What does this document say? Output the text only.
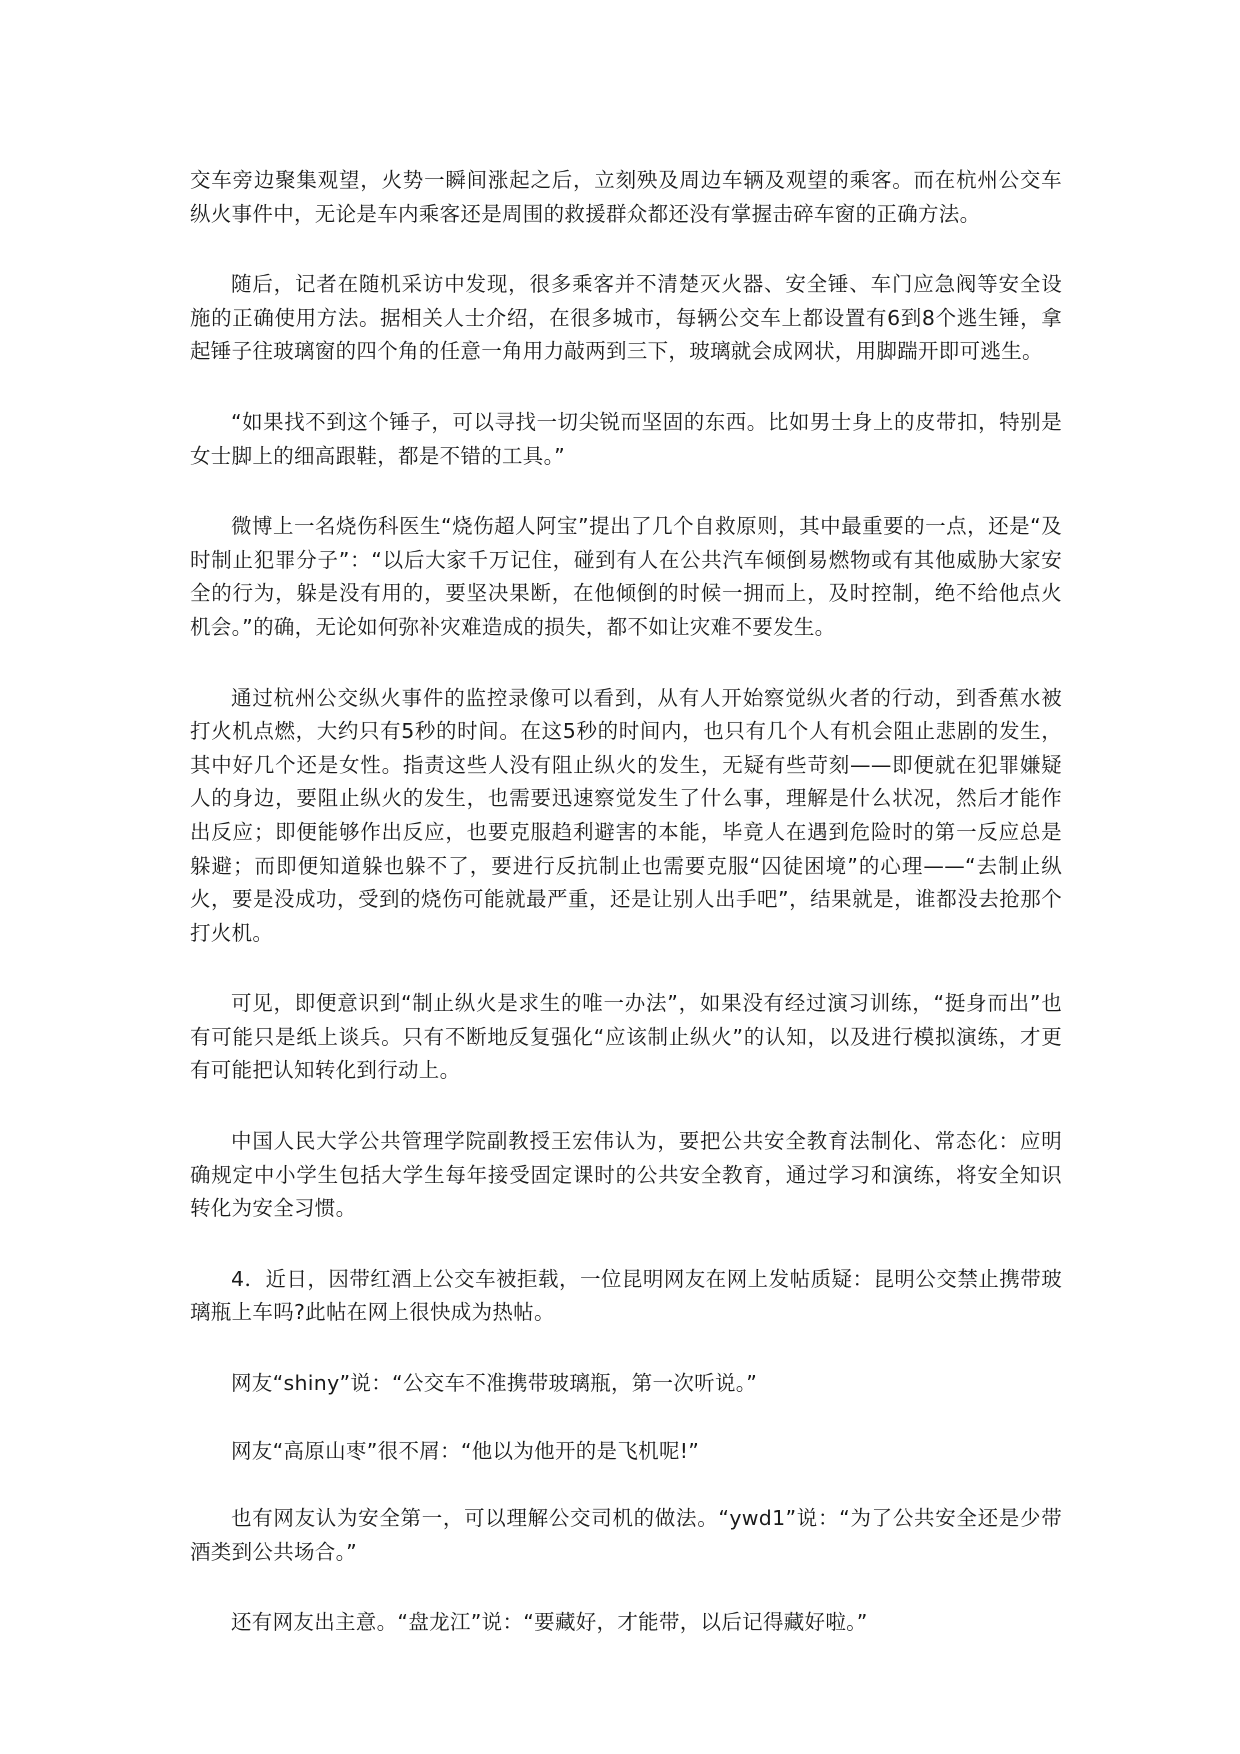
交车旁边聚集观望，火势一瞬间涨起之后，立刻殃及周边车辆及观望的乘客。而在杭州公交车纵火事件中，无论是车内乘客还是周围的救援群众都还没有掌握击碎车窗的正确方法。

随后，记者在随机采访中发现，很多乘客并不清楚灭火器、安全锤、车门应急阀等安全设施的正确使用方法。据相关人士介绍，在很多城市，每辆公交车上都设置有6到8个逃生锤，拿起锤子往玻璃窗的四个角的任意一角用力敲两到三下，玻璃就会成网状，用脚踹开即可逃生。

“如果找不到这个锤子，可以寻找一切尖锐而坚固的东西。比如男士身上的皮带扣，特别是女士脚上的细高跟鞋，都是不错的工具。”

微博上一名烧伤科医生“烧伤超人阿宝”提出了几个自救原则，其中最重要的一点，还是“及时制止犯罪分子”：“以后大家千万记住，碰到有人在公共汽车倾倒易燃物或有其他威胁大家安全的行为，躲是没有用的，要坚决果断，在他倾倒的时候一拥而上，及时控制，绝不给他点火机会。”的确，无论如何弥补灾难造成的损失，都不如让灾难不要发生。

通过杭州公交纵火事件的监控录像可以看到，从有人开始察觉纵火者的行动，到香蕉水被打火机点燃，大约只有5秒的时间。在这5秒的时间内，也只有几个人有机会阻止悲剧的发生，其中好几个还是女性。指责这些人没有阻止纵火的发生，无疑有些苛刻——即便就在犯罪嫌疑人的身边，要阻止纵火的发生，也需要迅速察觉发生了什么事，理解是什么状况，然后才能作出反应；即便能够作出反应，也要克服趋利避害的本能，毕竟人在遇到危险时的第一反应总是躲避；而即便知道躲也躲不了，要进行反抗制止也需要克服“囚徒困境”的心理——“去制止纵火，要是没成功，受到的烧伤可能就最严重，还是让别人出手吧”，结果就是，谁都没去抢那个打火机。

可见，即便意识到“制止纵火是求生的唯一办法”，如果没有经过演习训练，“挺身而出”也有可能只是纸上谈兵。只有不断地反复强化“应该制止纵火”的认知，以及进行模拟演练，才更有可能把认知转化到行动上。

中国人民大学公共管理学院副教授王宏伟认为，要把公共安全教育法制化、常态化：应明确规定中小学生包括大学生每年接受固定课时的公共安全教育，通过学习和演练，将安全知识转化为安全习惯。

4．近日，因带红酒上公交车被拒载，一位昆明网友在网上发帖质疑：昆明公交禁止携带玻璃瓶上车吗?此帖在网上很快成为热帖。

网友“shiny”说：“公交车不准携带玻璃瓶，第一次听说。”

网友“高原山枣”很不屑：“他以为他开的是飞机呢!”

也有网友认为安全第一，可以理解公交司机的做法。“ywd1”说：“为了公共安全还是少带酒类到公共场合。”

还有网友出主意。“盘龙江”说：“要藏好，才能带，以后记得藏好啦。”
